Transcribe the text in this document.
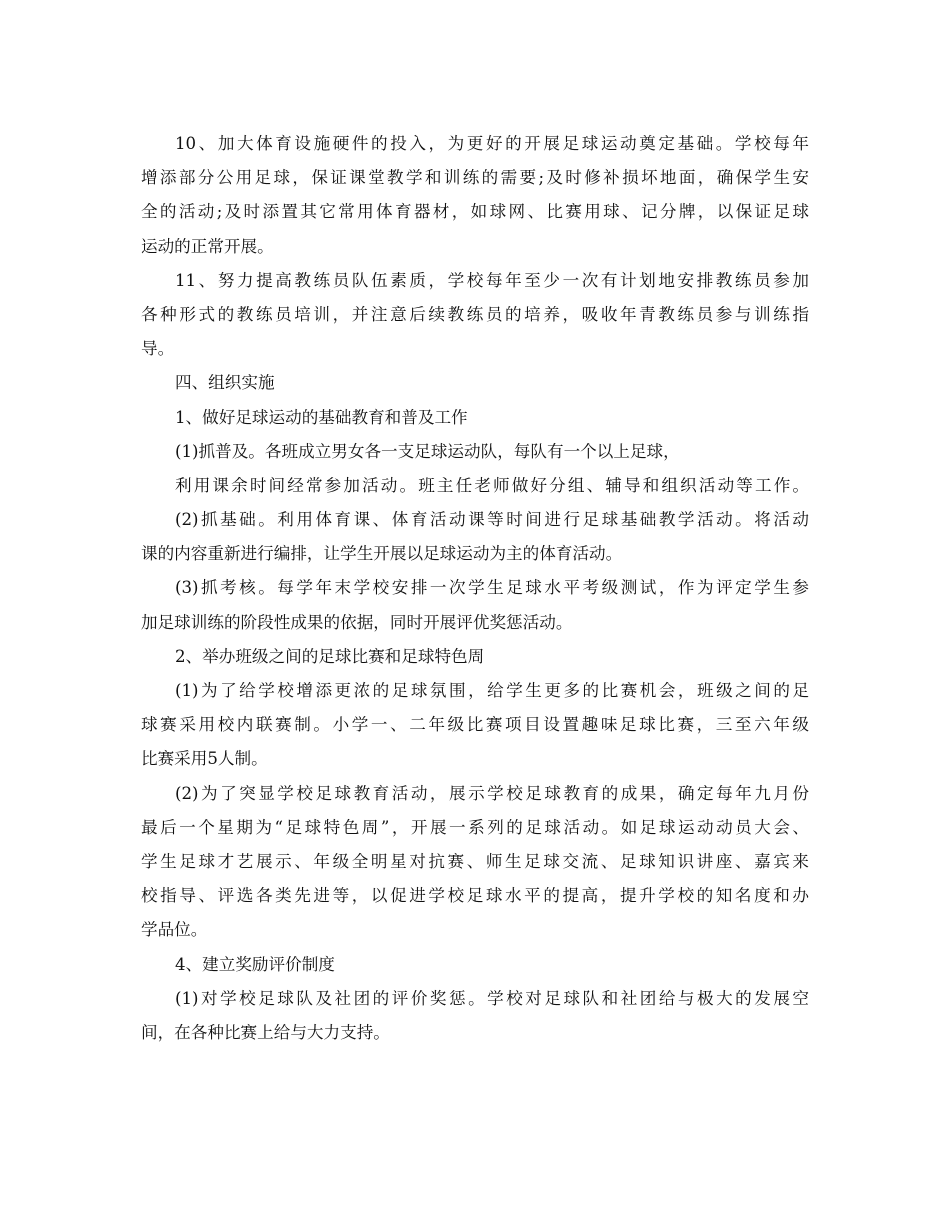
10、加大体育设施硬件的投入，为更好的开展足球运动奠定基础。学校每年
增添部分公用足球，保证课堂教学和训练的需要;及时修补损坏地面，确保学生安
全的活动;及时添置其它常用体育器材，如球网、比赛用球、记分牌，以保证足球
运动的正常开展。
11、努力提高教练员队伍素质，学校每年至少一次有计划地安排教练员参加
各种形式的教练员培训，并注意后续教练员的培养，吸收年青教练员参与训练指
导。
四、组织实施
1、做好足球运动的基础教育和普及工作
(1)抓普及。各班成立男女各一支足球运动队，每队有一个以上足球，
利用课余时间经常参加活动。班主任老师做好分组、辅导和组织活动等工作。
(2)抓基础。利用体育课、体育活动课等时间进行足球基础教学活动。将活动
课的内容重新进行编排，让学生开展以足球运动为主的体育活动。
(3)抓考核。每学年末学校安排一次学生足球水平考级测试，作为评定学生参
加足球训练的阶段性成果的依据，同时开展评优奖惩活动。
2、举办班级之间的足球比赛和足球特色周
(1)为了给学校增添更浓的足球氛围，给学生更多的比赛机会，班级之间的足
球赛采用校内联赛制。小学一、二年级比赛项目设置趣味足球比赛，三至六年级
比赛采用5人制。
(2)为了突显学校足球教育活动，展示学校足球教育的成果，确定每年九月份
最后一个星期为“足球特色周”，开展一系列的足球活动。如足球运动动员大会、
学生足球才艺展示、年级全明星对抗赛、师生足球交流、足球知识讲座、嘉宾来
校指导、评选各类先进等，以促进学校足球水平的提高，提升学校的知名度和办
学品位。
4、建立奖励评价制度
(1)对学校足球队及社团的评价奖惩。学校对足球队和社团给与极大的发展空
间，在各种比赛上给与大力支持。
